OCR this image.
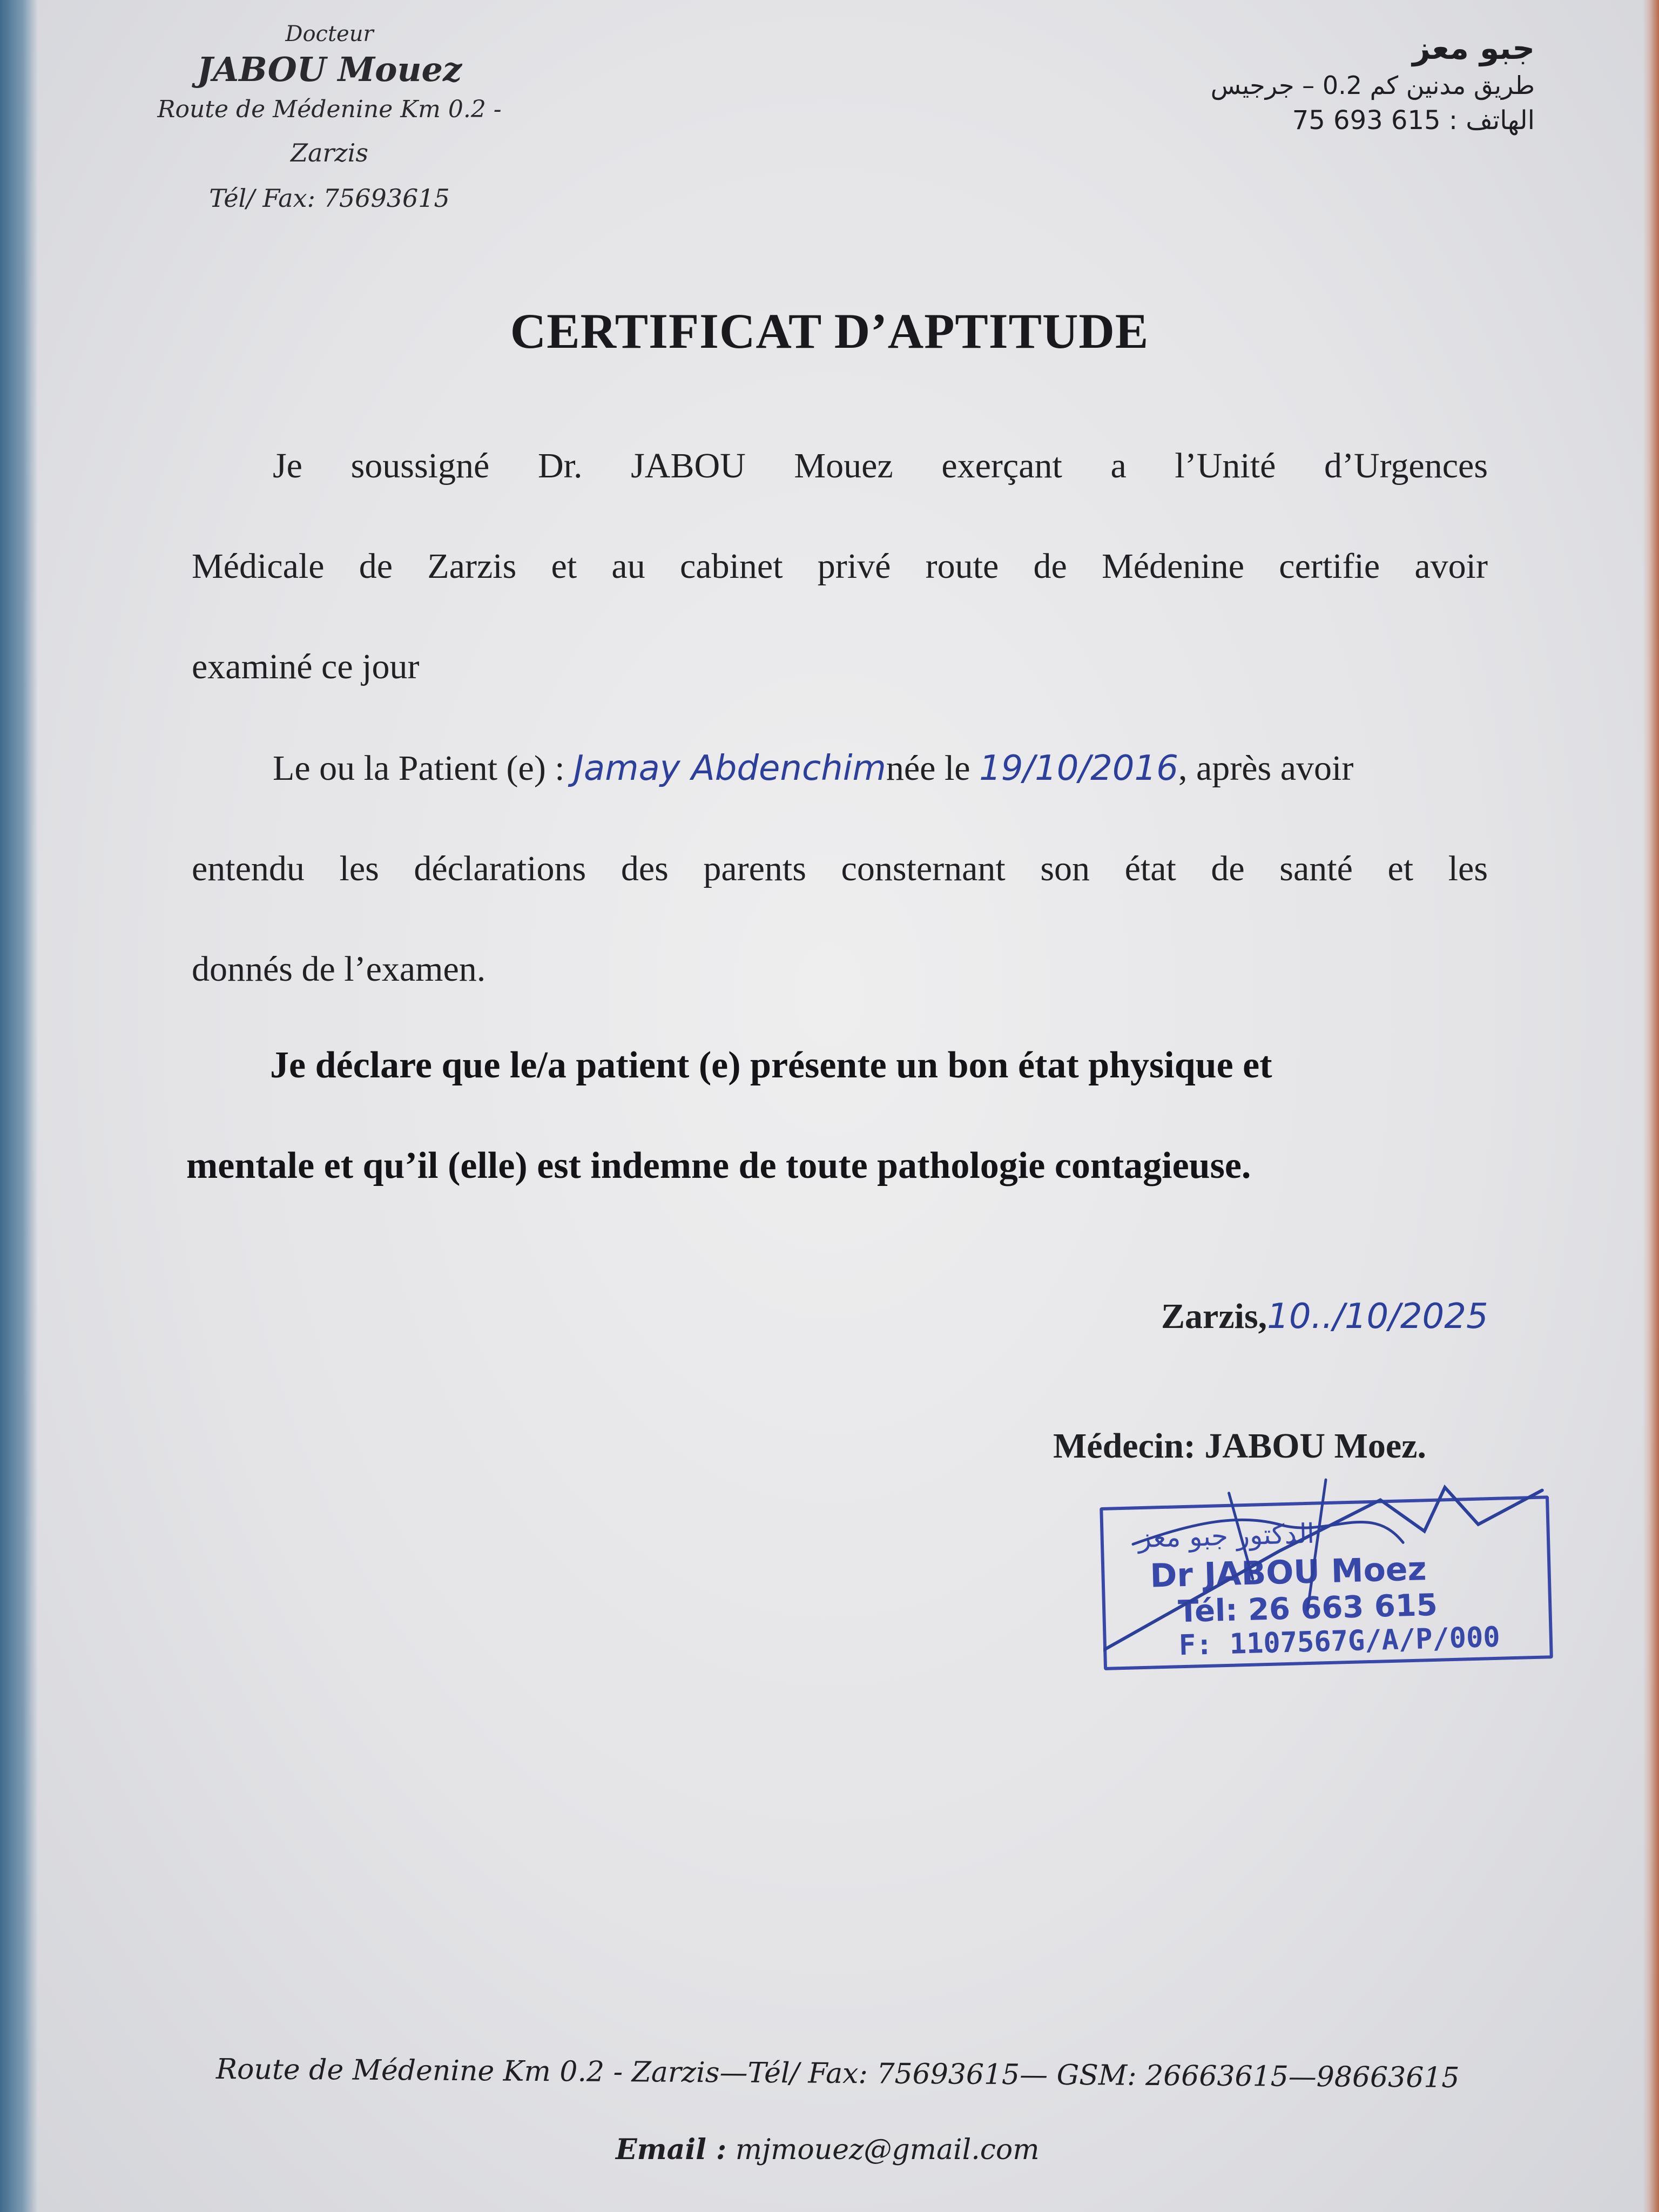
Docteur
JABOU Mouez
Route de Médenine Km 0.2 -
Zarzis
Tél/ Fax: 75693615
جبو معز
طريق مدنين كم 0.2 – جرجيس
الهاتف : 75 693 615
CERTIFICAT D’APTITUDE
Je soussigné Dr. JABOU Mouez exerçant a l’Unité d’Urgences
Médicale de Zarzis et au cabinet privé route de Médenine certifie avoir
examiné ce jour
Le ou la Patient (e) : Jamay Abdenchimnée le 19/10/2016, après avoir
entendu les déclarations des parents consternant son état de santé et les
donnés de l’examen.
Je déclare que le/a patient (e) présente un bon état physique et
mentale et qu’il (elle) est indemne de toute pathologie contagieuse.
Zarzis,10../10/2025
Médecin: JABOU Moez.
الدكتور جبو معز
Dr JABOU Moez
Tél: 26 663 615
F: 1107567G/A/P/000
Route de Médenine Km 0.2 - Zarzis—Tél/ Fax: 75693615— GSM: 26663615—98663615
Email : mjmouez@gmail.com
